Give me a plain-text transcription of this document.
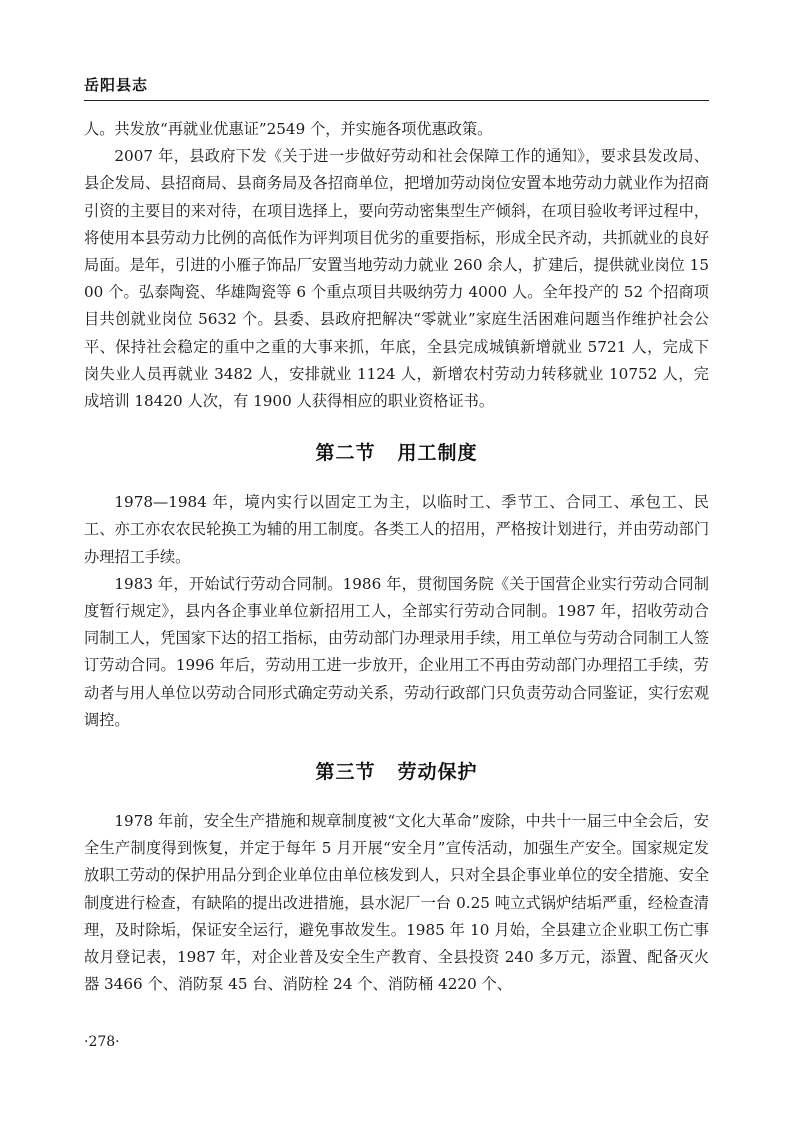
岳阳县志

人。共发放“再就业优惠证”2549 个，并实施各项优惠政策。

2007 年，县政府下发《关于进一步做好劳动和社会保障工作的通知》，要求县发改局、县企发局、县招商局、县商务局及各招商单位，把增加劳动岗位安置本地劳动力就业作为招商引资的主要目的来对待，在项目选择上，要向劳动密集型生产倾斜，在项目验收考评过程中，将使用本县劳动力比例的高低作为评判项目优劣的重要指标，形成全民齐动，共抓就业的良好局面。是年，引进的小雁子饰品厂安置当地劳动力就业 260 余人，扩建后，提供就业岗位 1500 个。弘泰陶瓷、华雄陶瓷等 6 个重点项目共吸纳劳力 4000 人。全年投产的 52 个招商项目共创就业岗位 5632 个。县委、县政府把解决“零就业”家庭生活困难问题当作维护社会公平、保持社会稳定的重中之重的大事来抓，年底，全县完成城镇新增就业 5721 人，完成下岗失业人员再就业 3482 人，安排就业 1124 人，新增农村劳动力转移就业 10752 人，完成培训 18420 人次，有 1900 人获得相应的职业资格证书。

第二节 用工制度

1978—1984 年，境内实行以固定工为主，以临时工、季节工、合同工、承包工、民工、亦工亦农农民轮换工为辅的用工制度。各类工人的招用，严格按计划进行，并由劳动部门办理招工手续。

1983 年，开始试行劳动合同制。1986 年，贯彻国务院《关于国营企业实行劳动合同制度暂行规定》，县内各企事业单位新招用工人，全部实行劳动合同制。1987 年，招收劳动合同制工人，凭国家下达的招工指标，由劳动部门办理录用手续，用工单位与劳动合同制工人签订劳动合同。1996 年后，劳动用工进一步放开，企业用工不再由劳动部门办理招工手续，劳动者与用人单位以劳动合同形式确定劳动关系，劳动行政部门只负责劳动合同鉴证，实行宏观调控。

第三节 劳动保护

1978 年前，安全生产措施和规章制度被“文化大革命”废除，中共十一届三中全会后，安全生产制度得到恢复，并定于每年 5 月开展“安全月”宣传活动，加强生产安全。国家规定发放职工劳动的保护用品分到企业单位由单位核发到人，只对全县企事业单位的安全措施、安全制度进行检查，有缺陷的提出改进措施，县水泥厂一台 0.25 吨立式锅炉结垢严重，经检查清理，及时除垢，保证安全运行，避免事故发生。1985 年 10 月始，全县建立企业职工伤亡事故月登记表，1987 年，对企业普及安全生产教育、全县投资 240 多万元，添置、配备灭火器 3466 个、消防泵 45 台、消防栓 24 个、消防桶 4220 个、

·278·
